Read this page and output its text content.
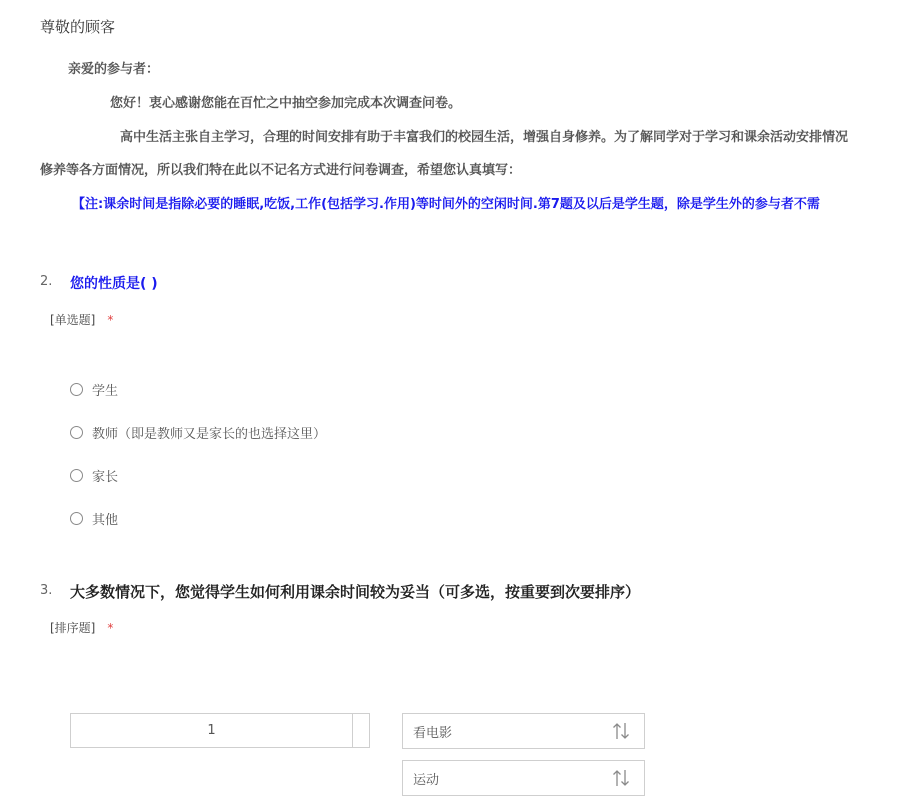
尊敬的顾客
亲爱的参与者：
您好！衷心感谢您能在百忙之中抽空参加完成本次调查问卷。
高中生活主张自主学习，合理的时间安排有助于丰富我们的校园生活，增强自身修养。为了解同学对于学习和课余活动安排情况
修养等各方面情况，所以我们特在此以不记名方式进行问卷调查，希望您认真填写：
【注:课余时间是指除必要的睡眠,吃饭,工作(包括学习.作用)等时间外的空闲时间.第7题及以后是学生题，除是学生外的参与者不需
2. 您的性质是( )
[单选题] *
学生
教师（即是教师又是家长的也选择这里）
家长
其他
3. 大多数情况下，您觉得学生如何利用课余时间较为妥当（可多选，按重要到次要排序）
[排序题] *
1	看电影
运动
